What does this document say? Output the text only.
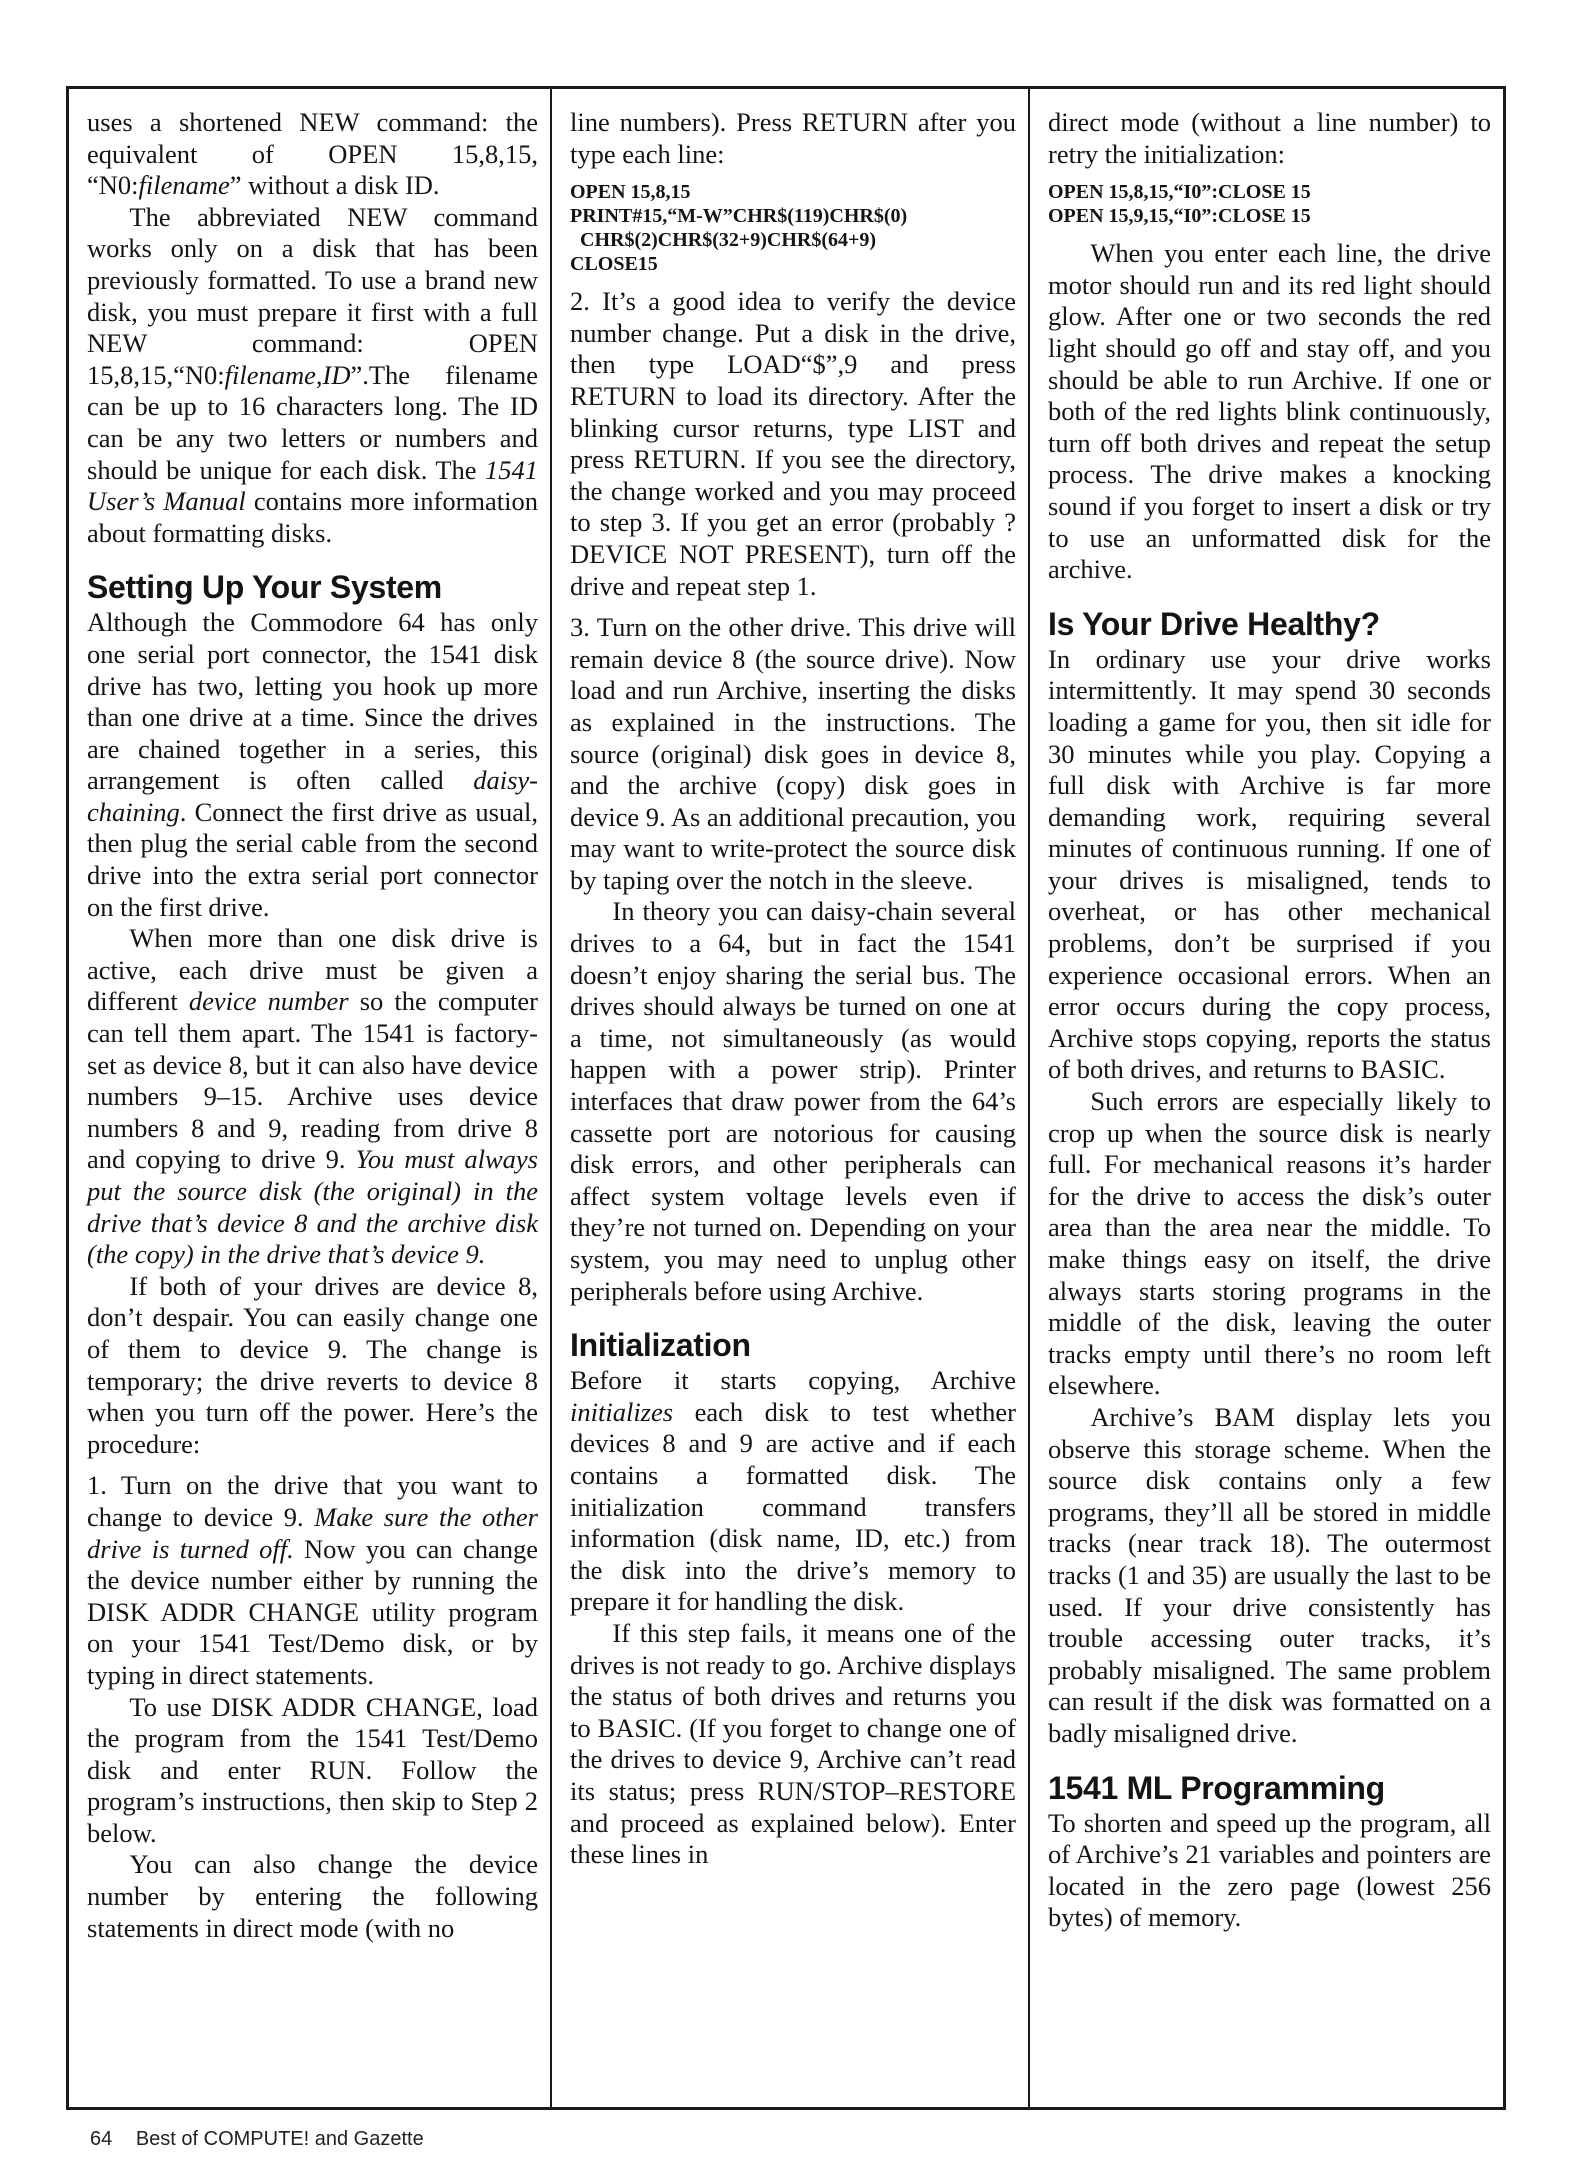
uses a shortened NEW command: the equivalent of OPEN 15,8,15, “N0:filename” without a disk ID.

The abbreviated NEW command works only on a disk that has been previously formatted. To use a brand new disk, you must prepare it first with a full NEW command: OPEN 15,8,15,“N0:filename,ID”.The filename can be up to 16 characters long. The ID can be any two letters or numbers and should be unique for each disk. The 1541 User’s Manual contains more information about formatting disks.

Setting Up Your System

Although the Commodore 64 has only one serial port connector, the 1541 disk drive has two, letting you hook up more than one drive at a time. Since the drives are chained together in a series, this arrangement is often called daisy-chaining. Connect the first drive as usual, then plug the serial cable from the second drive into the extra serial port connector on the first drive.

When more than one disk drive is active, each drive must be given a different device number so the computer can tell them apart. The 1541 is factory-set as device 8, but it can also have device numbers 9–15. Archive uses device numbers 8 and 9, reading from drive 8 and copying to drive 9. You must always put the source disk (the original) in the drive that’s device 8 and the archive disk (the copy) in the drive that’s device 9.

If both of your drives are device 8, don’t despair. You can easily change one of them to device 9. The change is temporary; the drive reverts to device 8 when you turn off the power. Here’s the procedure:

1. Turn on the drive that you want to change to device 9. Make sure the other drive is turned off. Now you can change the device number either by running the DISK ADDR CHANGE utility program on your 1541 Test/Demo disk, or by typing in direct statements.

To use DISK ADDR CHANGE, load the program from the 1541 Test/Demo disk and enter RUN. Follow the program’s instructions, then skip to Step 2 below.

You can also change the device number by entering the following statements in direct mode (with no

line numbers). Press RETURN after you type each line:

OPEN 15,8,15
PRINT#15,“M-W”CHR$(119)CHR$(0)
CHR$(2)CHR$(32+9)CHR$(64+9)
CLOSE15

2. It’s a good idea to verify the device number change. Put a disk in the drive, then type LOAD“$”,9 and press RETURN to load its directory. After the blinking cursor returns, type LIST and press RETURN. If you see the directory, the change worked and you may proceed to step 3. If you get an error (probably ?DEVICE NOT PRESENT), turn off the drive and repeat step 1.

3. Turn on the other drive. This drive will remain device 8 (the source drive). Now load and run Archive, inserting the disks as explained in the instructions. The source (original) disk goes in device 8, and the archive (copy) disk goes in device 9. As an additional precaution, you may want to write-protect the source disk by taping over the notch in the sleeve.

In theory you can daisy-chain several drives to a 64, but in fact the 1541 doesn’t enjoy sharing the serial bus. The drives should always be turned on one at a time, not simultaneously (as would happen with a power strip). Printer interfaces that draw power from the 64’s cassette port are notorious for causing disk errors, and other peripherals can affect system voltage levels even if they’re not turned on. Depending on your system, you may need to unplug other peripherals before using Archive.

Initialization

Before it starts copying, Archive initializes each disk to test whether devices 8 and 9 are active and if each contains a formatted disk. The initialization command transfers information (disk name, ID, etc.) from the disk into the drive’s memory to prepare it for handling the disk.

If this step fails, it means one of the drives is not ready to go. Archive displays the status of both drives and returns you to BASIC. (If you forget to change one of the drives to device 9, Archive can’t read its status; press RUN/STOP–RESTORE and proceed as explained below). Enter these lines in

direct mode (without a line number) to retry the initialization:

OPEN 15,8,15,“I0”:CLOSE 15
OPEN 15,9,15,“I0”:CLOSE 15

When you enter each line, the drive motor should run and its red light should glow. After one or two seconds the red light should go off and stay off, and you should be able to run Archive. If one or both of the red lights blink continuously, turn off both drives and repeat the setup process. The drive makes a knocking sound if you forget to insert a disk or try to use an unformatted disk for the archive.

Is Your Drive Healthy?

In ordinary use your drive works intermittently. It may spend 30 seconds loading a game for you, then sit idle for 30 minutes while you play. Copying a full disk with Archive is far more demanding work, requiring several minutes of continuous running. If one of your drives is misaligned, tends to overheat, or has other mechanical problems, don’t be surprised if you experience occasional errors. When an error occurs during the copy process, Archive stops copying, reports the status of both drives, and returns to BASIC.

Such errors are especially likely to crop up when the source disk is nearly full. For mechanical reasons it’s harder for the drive to access the disk’s outer area than the area near the middle. To make things easy on itself, the drive always starts storing programs in the middle of the disk, leaving the outer tracks empty until there’s no room left elsewhere.

Archive’s BAM display lets you observe this storage scheme. When the source disk contains only a few programs, they’ll all be stored in middle tracks (near track 18). The outermost tracks (1 and 35) are usually the last to be used. If your drive consistently has trouble accessing outer tracks, it’s probably misaligned. The same problem can result if the disk was formatted on a badly misaligned drive.

1541 ML Programming

To shorten and speed up the program, all of Archive’s 21 variables and pointers are located in the zero page (lowest 256 bytes) of memory.

64 Best of COMPUTE! and Gazette
